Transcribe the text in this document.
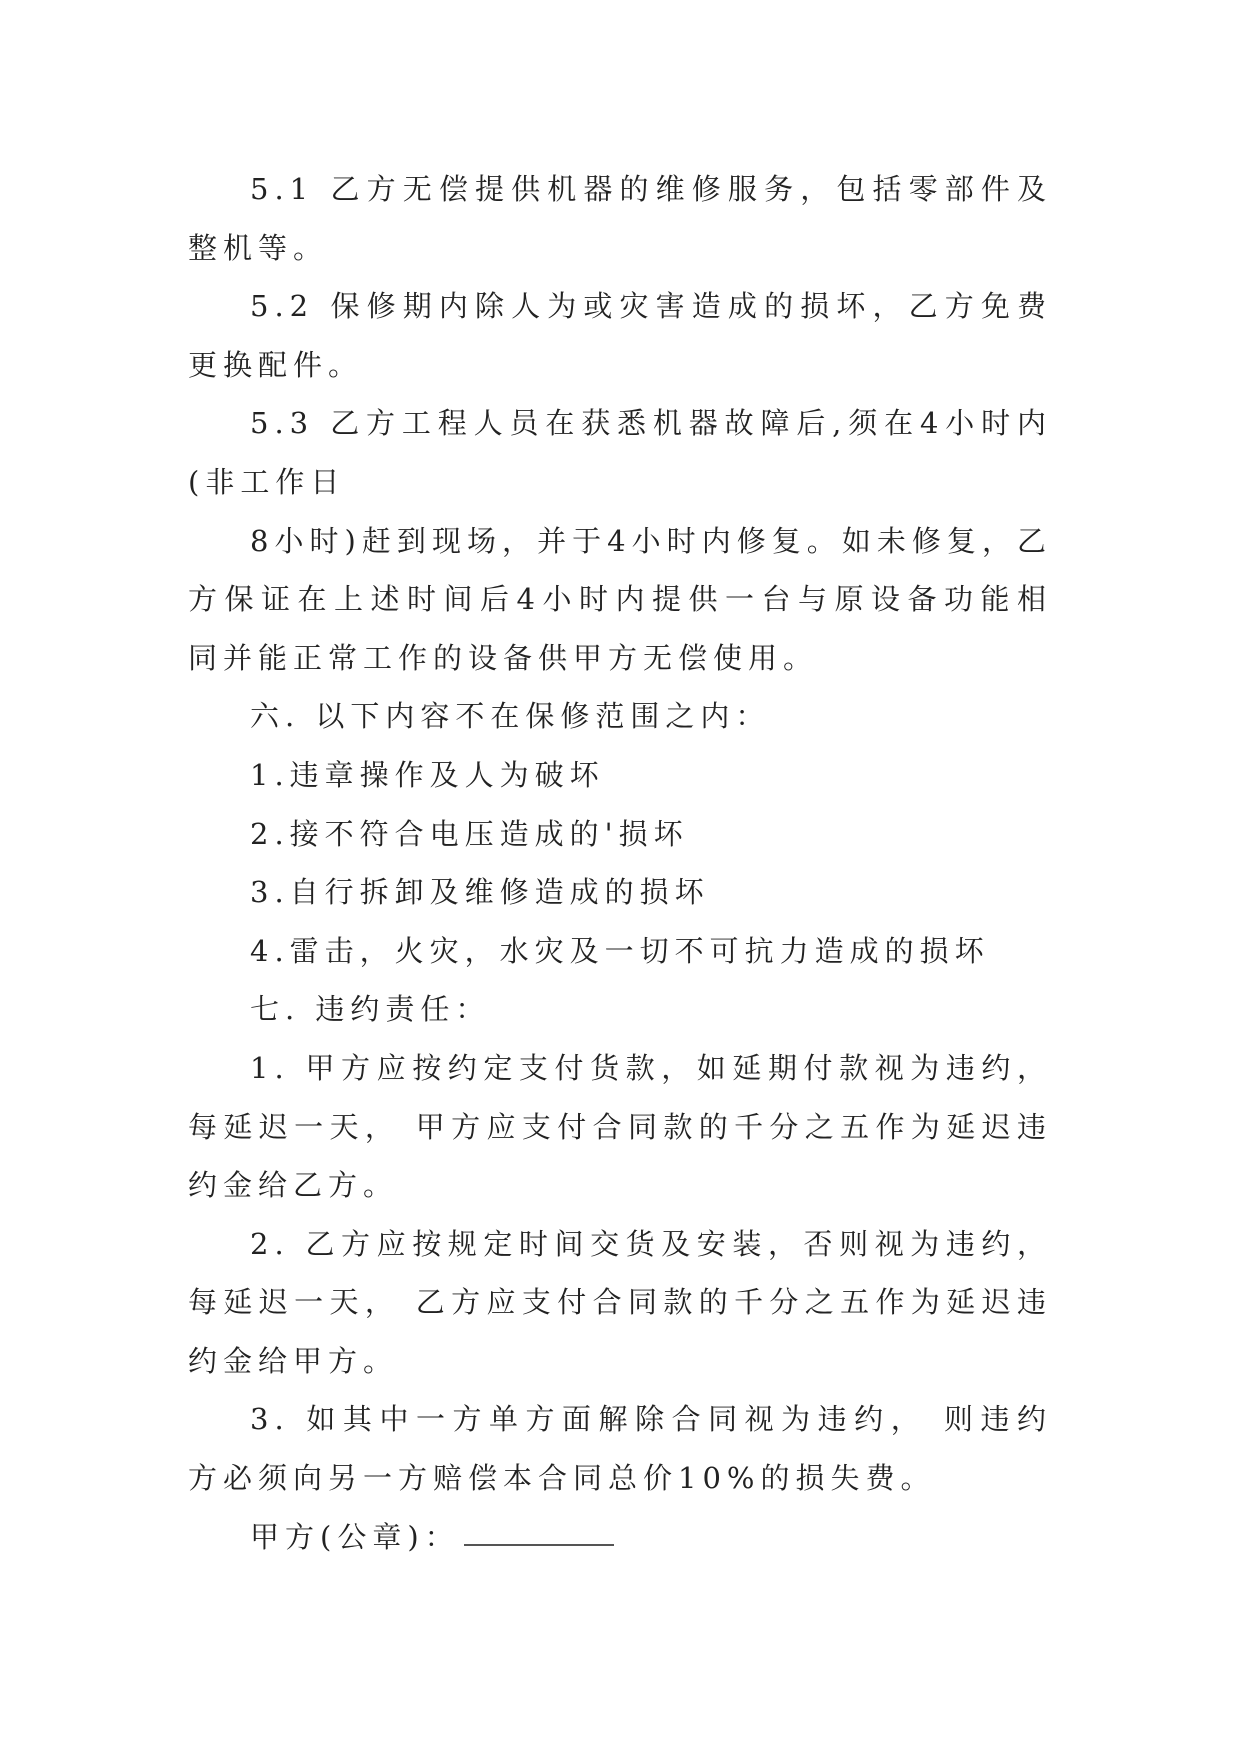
5.1 乙方无偿提供机器的维修服务，包括零部件及整机等。

5.2 保修期内除人为或灾害造成的损坏，乙方免费更换配件。

5.3 乙方工程人员在获悉机器故障后,须在4小时内(非工作日

8小时)赶到现场，并于4小时内修复。如未修复，乙方保证在上述时间后4小时内提供一台与原设备功能相同并能正常工作的设备供甲方无偿使用。

六. 以下内容不在保修范围之内：

1.违章操作及人为破坏

2.接不符合电压造成的'损坏

3.自行拆卸及维修造成的损坏

4.雷击，火灾，水灾及一切不可抗力造成的损坏

七. 违约责任：

1. 甲方应按约定支付货款，如延期付款视为违约，每延迟一天， 甲方应支付合同款的千分之五作为延迟违约金给乙方。

2. 乙方应按规定时间交货及安装，否则视为违约，每延迟一天， 乙方应支付合同款的千分之五作为延迟违约金给甲方。

3. 如其中一方单方面解除合同视为违约， 则违约方必须向另一方赔偿本合同总价10%的损失费。

甲方(公章)：
